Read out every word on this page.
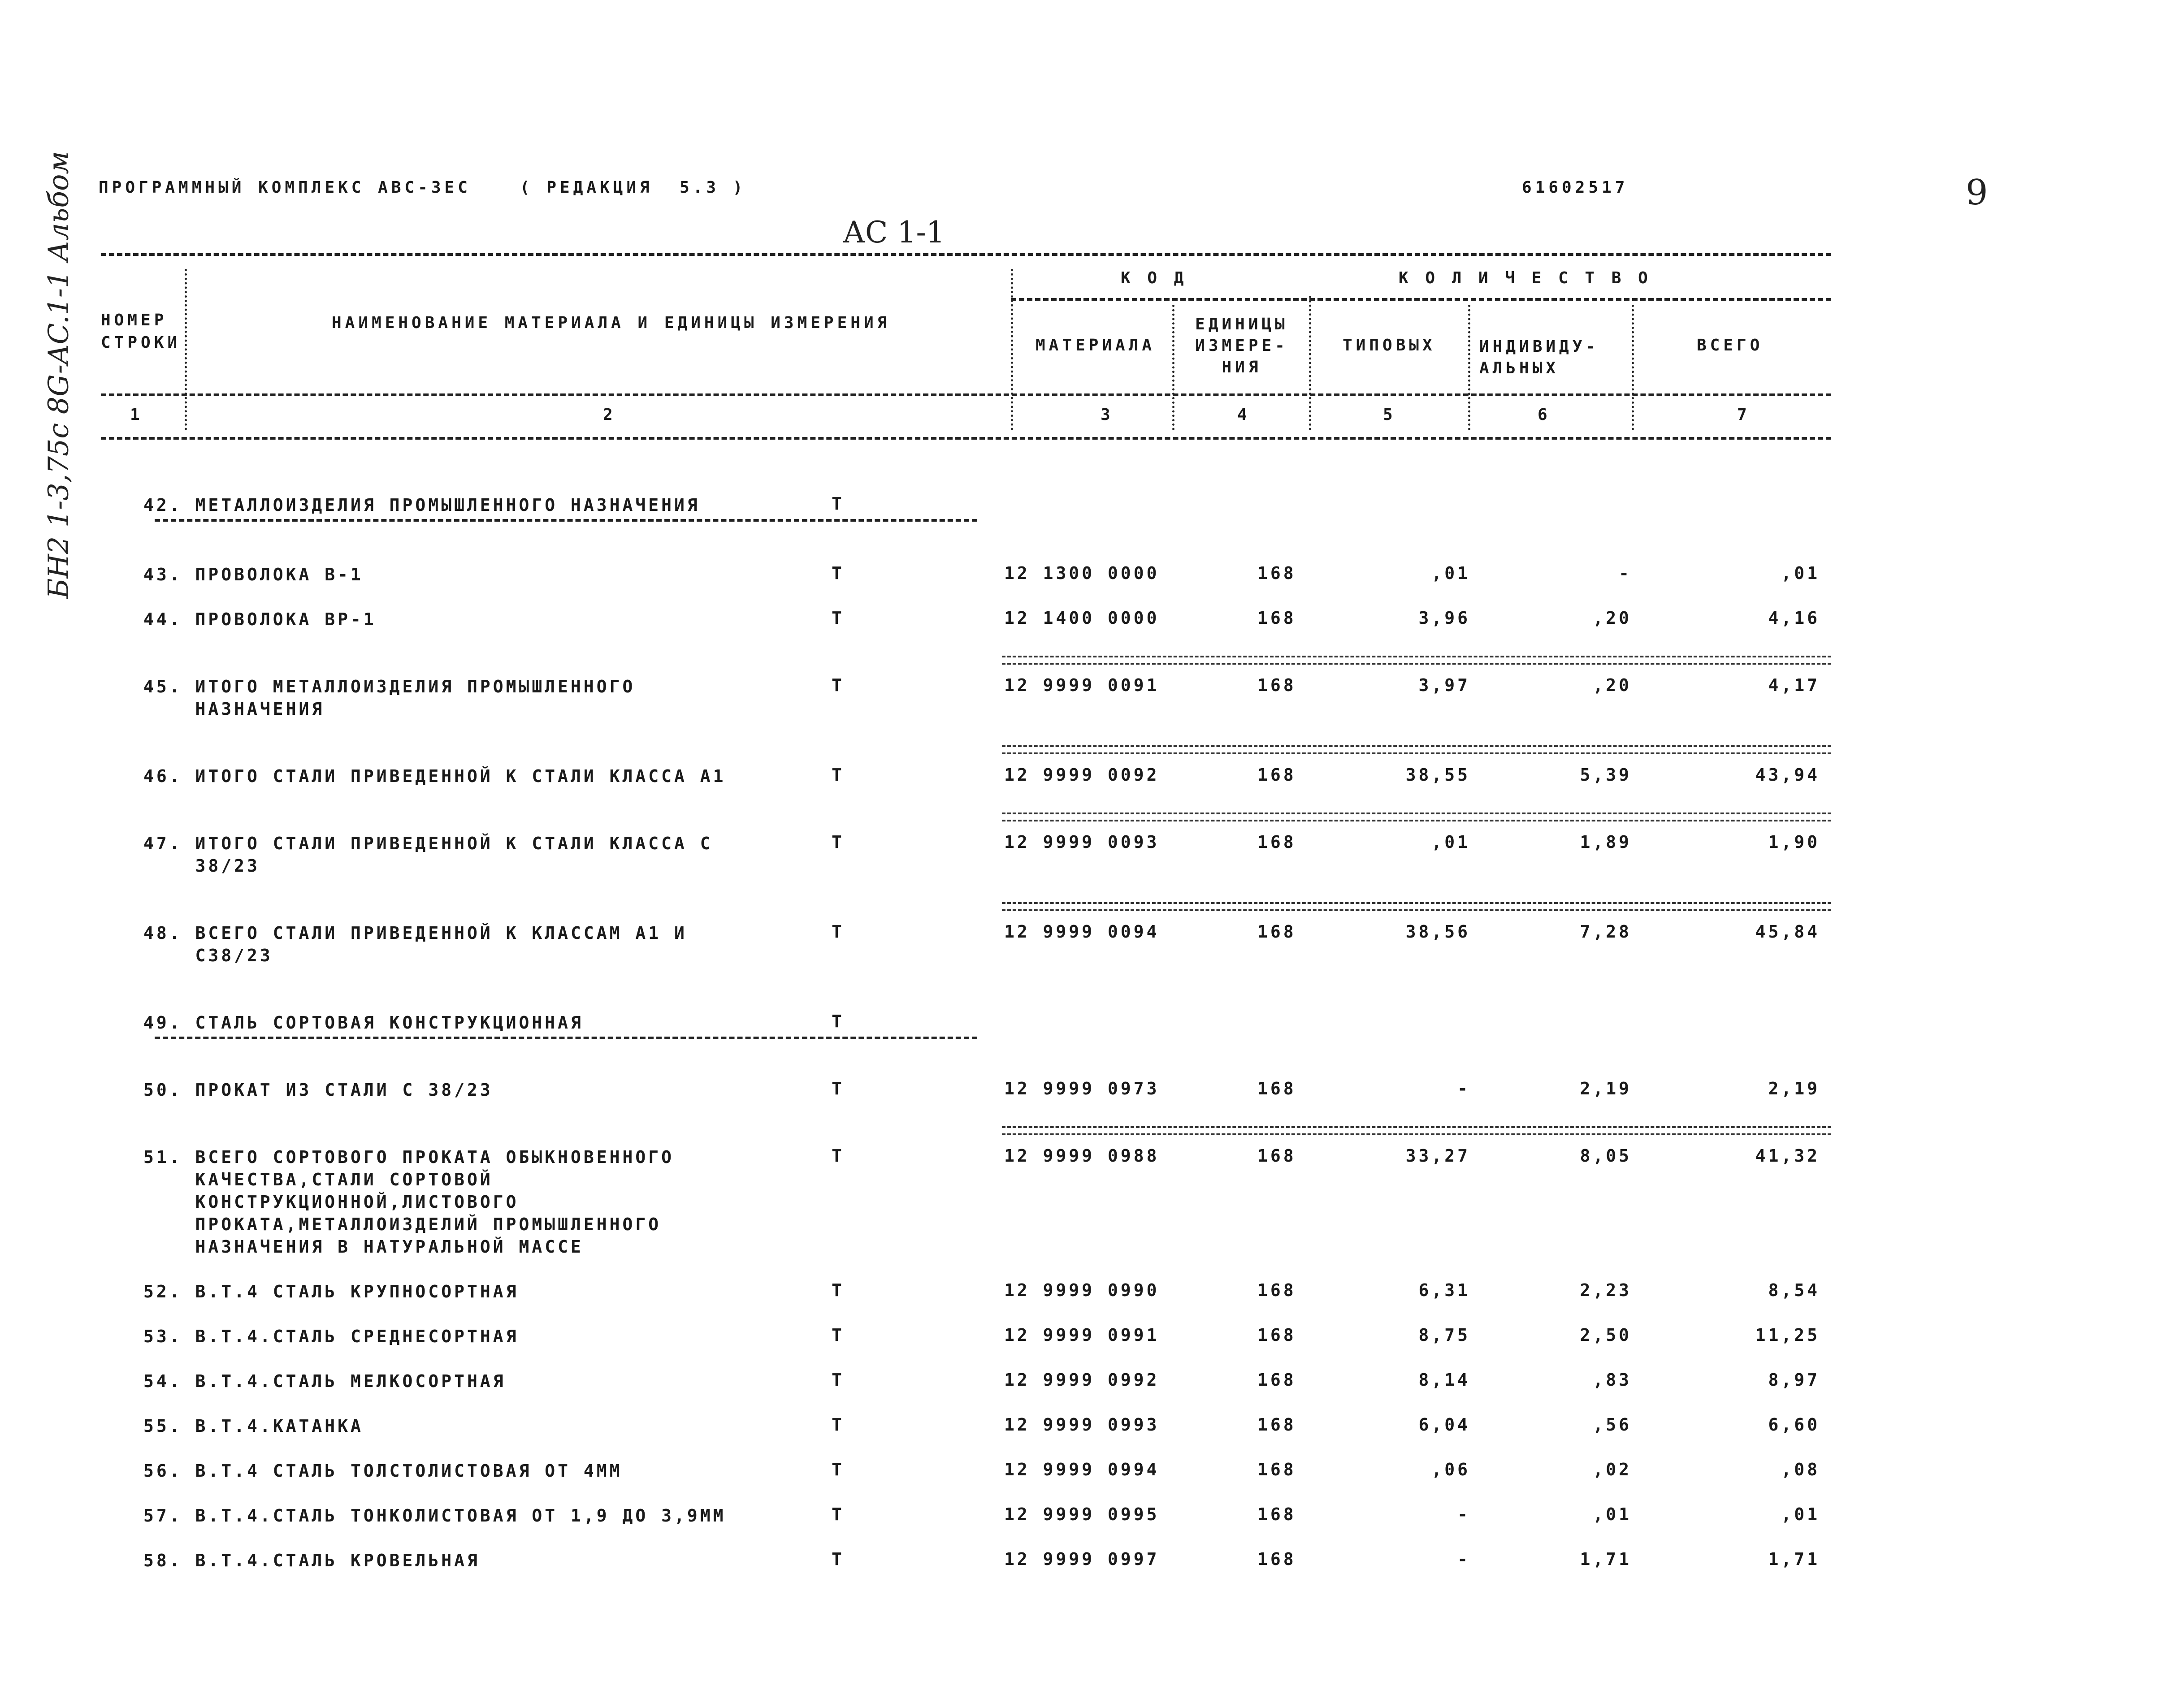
БН2 1-3,75с 8G-AC.1-1 Альбом	9
ПРОГРАММНЫЙ КОМПЛЕКС АВС-ЗЕС	( РЕДАКЦИЯ  5.3 )	61602517
АС 1-1
НОМЕР
СТРОКИ
НАИМЕНОВАНИЕ МАТЕРИАЛА И ЕДИНИЦЫ ИЗМЕРЕНИЯ
К О Д	К О Л И Ч Е С Т В О
МАТЕРИАЛА
ЕДИНИЦЫ
ИЗМЕРЕ-
НИЯ
ТИПОВЫХ	ИНДИВИДУ-
АЛЬНЫХ
ВСЕГО
1	2	3	4	5	6	7
42. МЕТАЛЛОИЗДЕЛИЯ ПРОМЫШЛЕННОГО НАЗНАЧЕНИЯ	Т
43. ПРОВОЛОКА В-1	Т	12 1300 0000	168	,01	-	,01
44. ПРОВОЛОКА ВР-1	Т	12 1400 0000	168	3,96	,20	4,16
45. ИТОГО МЕТАЛЛОИЗДЕЛИЯ ПРОМЫШЛЕННОГО
НАЗНАЧЕНИЯ
Т	12 9999 0091	168	3,97	,20	4,17
46. ИТОГО СТАЛИ ПРИВЕДЕННОЙ К СТАЛИ КЛАССА А1	Т	12 9999 0092	168	38,55	5,39	43,94
47. ИТОГО СТАЛИ ПРИВЕДЕННОЙ К СТАЛИ КЛАССА С
38/23
Т	12 9999 0093	168	,01	1,89	1,90
48. ВСЕГО СТАЛИ ПРИВЕДЕННОЙ К КЛАССАМ А1 И
С38/23
Т	12 9999 0094	168	38,56	7,28	45,84
49. СТАЛЬ СОРТОВАЯ КОНСТРУКЦИОННАЯ	Т
50. ПРОКАТ ИЗ СТАЛИ С 38/23	Т	12 9999 0973	168	-	2,19	2,19
51. ВСЕГО СОРТОВОГО ПРОКАТА ОБЫКНОВЕННОГО
КАЧЕСТВА,СТАЛИ СОРТОВОЙ
КОНСТРУКЦИОННОЙ,ЛИСТОВОГО
ПРОКАТА,МЕТАЛЛОИЗДЕЛИЙ ПРОМЫШЛЕННОГО
НАЗНАЧЕНИЯ В НАТУРАЛЬНОЙ МАССЕ
Т	12 9999 0988	168	33,27	8,05	41,32
52. В.Т.4 СТАЛЬ КРУПНОСОРТНАЯ	Т	12 9999 0990	168	6,31	2,23	8,54
53. В.Т.4.СТАЛЬ СРЕДНЕСОРТНАЯ	Т	12 9999 0991	168	8,75	2,50	11,25
54. В.Т.4.СТАЛЬ МЕЛКОСОРТНАЯ	Т	12 9999 0992	168	8,14	,83	8,97
55. В.Т.4.КАТАНКА	Т	12 9999 0993	168	6,04	,56	6,60
56. В.Т.4 СТАЛЬ ТОЛСТОЛИСТОВАЯ ОТ 4ММ	Т	12 9999 0994	168	,06	,02	,08
57. В.Т.4.СТАЛЬ ТОНКОЛИСТОВАЯ ОТ 1,9 ДО 3,9ММ	Т	12 9999 0995	168	-	,01	,01
58. В.Т.4.СТАЛЬ КРОВЕЛЬНАЯ	Т	12 9999 0997	168	-	1,71	1,71
